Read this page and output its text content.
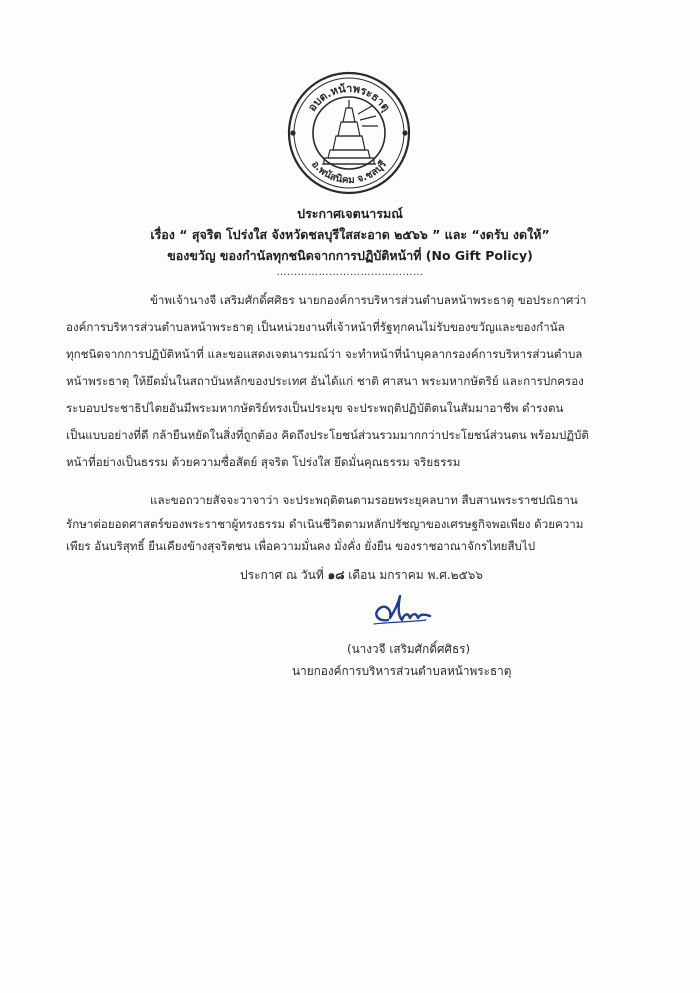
อบต.หน้าพระธาตุ
อ.พนัสนิคม จ.ชลบุรี
ประกาศเจตนารมณ์
เรื่อง “ สุจริต โปร่งใส จังหวัดชลบุรีใสสะอาด ๒๕๖๖ ” และ “งดรับ งดให้”
ของขวัญ ของกำนัลทุกชนิดจากการปฏิบัติหน้าที่ (No Gift Policy)
……………………………………
ข้าพเจ้านางจี เสริมศักดิ์ศศิธร นายกองค์การบริหารส่วนตำบลหน้าพระธาตุ ขอประกาศว่า
องค์การบริหารส่วนตำบลหน้าพระธาตุ เป็นหน่วยงานที่เจ้าหน้าที่รัฐทุกคนไม่รับของขวัญและของกำนัล
ทุกชนิดจากการปฏิบัติหน้าที่ และขอแสดงเจตนารมณ์ว่า จะทำหน้าที่นำบุคลากรองค์การบริหารส่วนตำบล
หน้าพระธาตุ ให้ยึดมั่นในสถาบันหลักของประเทศ อันได้แก่ ชาติ ศาสนา พระมหากษัตริย์ และการปกครอง
ระบอบประชาธิปไตยอันมีพระมหากษัตริย์ทรงเป็นประมุข จะประพฤติปฏิบัติตนในสัมมาอาชีพ ดำรงตน
เป็นแบบอย่างที่ดี กล้ายืนหยัดในสิ่งที่ถูกต้อง คิดถึงประโยชน์ส่วนรวมมากกว่าประโยชน์ส่วนตน พร้อมปฏิบัติ
หน้าที่อย่างเป็นธรรม ด้วยความซื่อสัตย์ สุจริต โปร่งใส ยึดมั่นคุณธรรม จริยธรรม
และขอถวายสัจจะวาจาว่า จะประพฤติตนตามรอยพระยุคลบาท สืบสานพระราชปณิธาน
รักษาต่อยอดศาสตร์ของพระราชาผู้ทรงธรรม ดำเนินชีวิตตามหลักปรัชญาของเศรษฐกิจพอเพียง ด้วยความ
เพียร อันบริสุทธิ์ ยืนเคียงข้างสุจริตชน เพื่อความมั่นคง มั่งคั่ง ยั่งยืน ของราชอาณาจักรไทยสืบไป
ประกาศ ณ วันที่ ๑๘ เดือน มกราคม พ.ศ.๒๕๖๖
(นางวจี เสริมศักดิ์ศศิธร)
นายกองค์การบริหารส่วนตำบลหน้าพระธาตุ
